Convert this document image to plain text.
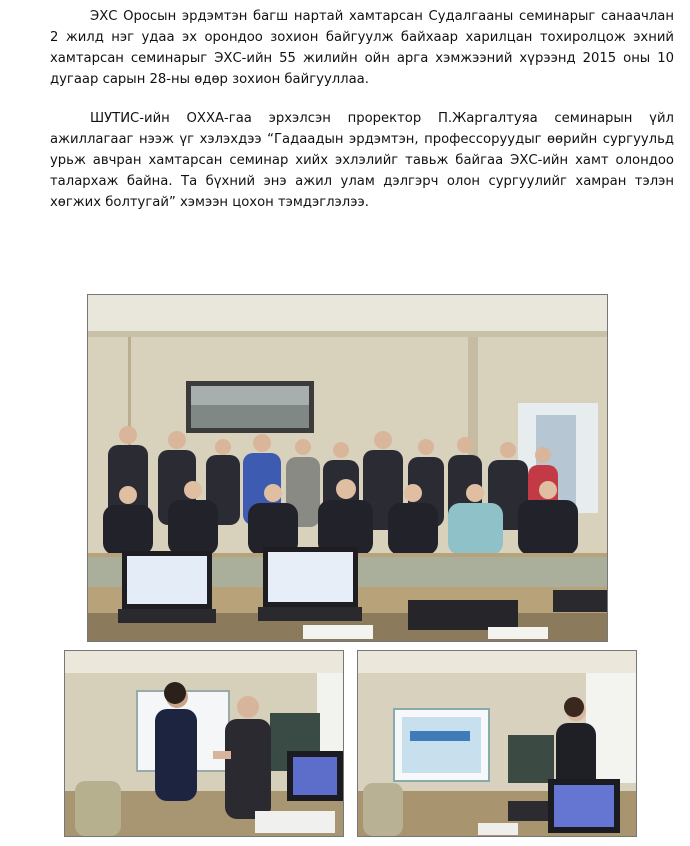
ЭХС Оросын эрдэмтэн багш нартай хамтарсан Судалгааны семинарыг санаачлан 2 жилд нэг удаа эх орондоо зохион байгуулж байхаар харилцан тохиролцож эхний хамтарсан семинарыг ЭХС-ийн 55 жилийн ойн арга хэмжээний хүрээнд 2015 оны 10 дугаар сарын 28-ны өдөр зохион байгууллаа.

ШУТИС-ийн ОХХА-гаа эрхэлсэн проректор П.Жаргалтуяа семинарын үйл ажиллагааг нээж үг хэлэхдээ “Гадаадын эрдэмтэн, профессоруудыг өөрийн сургуульд урьж авчран хамтарсан семинар хийх эхлэлийг тавьж байгаа ЭХС-ийн хамт олондоо талархаж байна. Та бүхний энэ ажил улам дэлгэрч олон сургуулийг хамран тэлэн хөгжих болтугай” хэмээн цохон тэмдэглэлээ.
